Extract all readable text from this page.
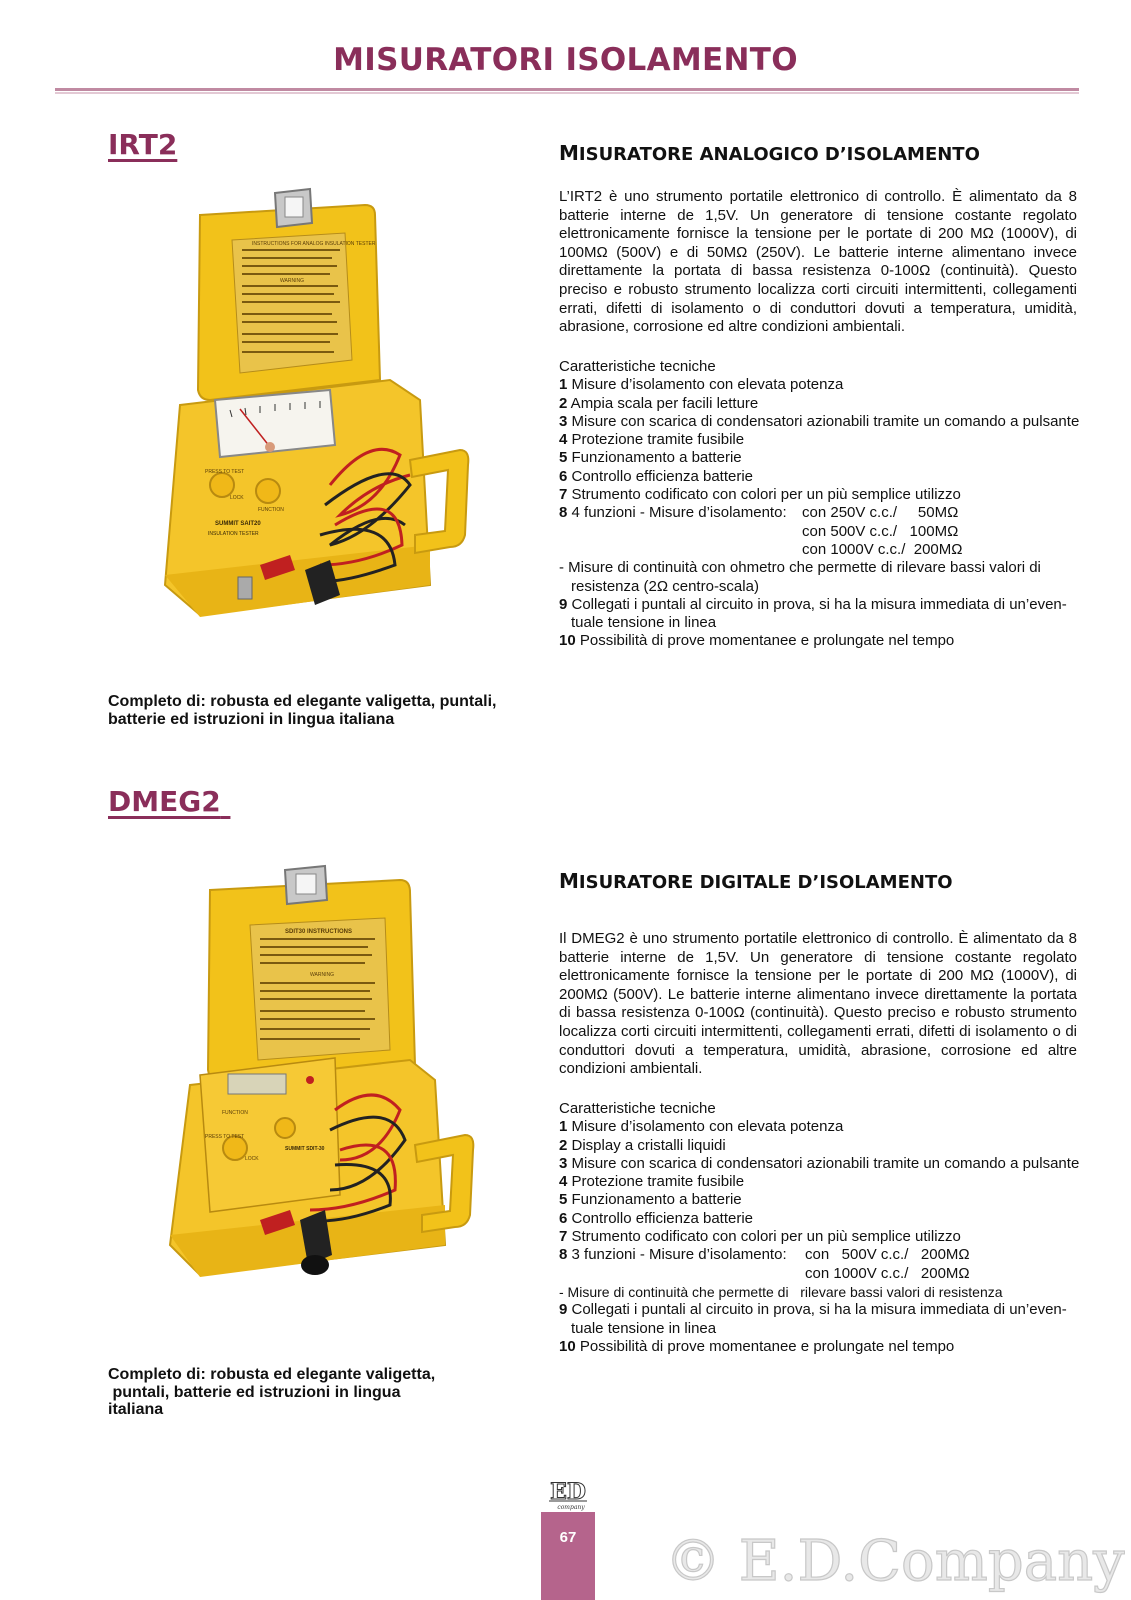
MISURATORI ISOLAMENTO
IRT2
INSTRUCTIONS FOR ANALOG INSULATION TESTER
WARNING
PRESS TO TEST
LOCK
FUNCTION
SUMMIT SAIT20
INSULATION TESTER
MISURATORE ANALOGICO D’ISOLAMENTO
L’IRT2 è uno strumento portatile elettronico di controllo. È alimentato da 8 batterie interne de 1,5V. Un generatore di tensione costante regolato elettronicamente fornisce la tensione per le portate di 200 MΩ (1000V), di 100MΩ (500V) e di 50MΩ (250V). Le batterie interne alimentano invece direttamente la portata di bassa resistenza 0-100Ω (continuità). Questo preciso e robusto strumento localizza corti circuiti intermittenti, collegamenti errati, difetti di isolamento o di conduttori dovuti a temperatura, umidità, abrasione, corrosione ed altre condizioni ambientali.
Caratteristiche tecniche
1 Misure d’isolamento con elevata potenza
2 Ampia scala per facili letture
3 Misure con scarica di condensatori azionabili tramite un comando a pulsante
4 Protezione tramite fusibile
5 Funzionamento a batterie
6 Controllo efficienza batterie
7 Strumento codificato con colori per un più semplice utilizzo
8 4 funzioni - Misure d’isolamento: con 250V c.c./     50MΩ
con 500V c.c./   100MΩ
con 1000V c.c./  200MΩ
- Misure di continuità con ohmetro che permette di rilevare bassi valori di
resistenza (2Ω centro-scala)
9 Collegati i puntali al circuito in prova, si ha la misura immediata di un’even-
tuale tensione in linea
10 Possibilità di prove momentanee e prolungate nel tempo
Completo di: robusta ed elegante valigetta, puntali, batterie ed istruzioni in lingua italiana
DMEG2
SDIT30 INSTRUCTIONS
WARNING
FUNCTION
PRESS TO TEST
LOCK
SUMMIT SDIT-30
MISURATORE DIGITALE D’ISOLAMENTO
Il DMEG2 è uno strumento portatile elettronico di controllo. È alimentato da 8 batterie interne de 1,5V. Un generatore di tensione costante regolato elettronicamente fornisce la tensione per le portate di 200 MΩ (1000V), di 200MΩ (500V). Le batterie interne alimentano invece direttamente la portata di bassa resistenza 0-100Ω (continuità). Questo preciso e robusto strumento localizza corti circuiti intermittenti, collegamenti errati, difetti di isolamento o di conduttori dovuti a temperatura, umidità, abrasione, corrosione ed altre condizioni ambientali.
Caratteristiche tecniche
1 Misure d’isolamento con elevata potenza
2 Display a cristalli liquidi
3 Misure con scarica di condensatori azionabili tramite un comando a pulsante
4 Protezione tramite fusibile
5 Funzionamento a batterie
6 Controllo efficienza batterie
7 Strumento codificato con colori per un più semplice utilizzo
8 3 funzioni - Misure d’isolamento: con   500V c.c./   200MΩ
con 1000V c.c./   200MΩ
- Misure di continuità che permette di   rilevare bassi valori di resistenza
9 Collegati i puntali al circuito in prova, si ha la misura immediata di un’even-
tuale tensione in linea
10 Possibilità di prove momentanee e prolungate nel tempo
Completo di: robusta ed elegante valigetta,
puntali, batterie ed istruzioni in lingua
italiana
ED
company
67	© E.D.Company
